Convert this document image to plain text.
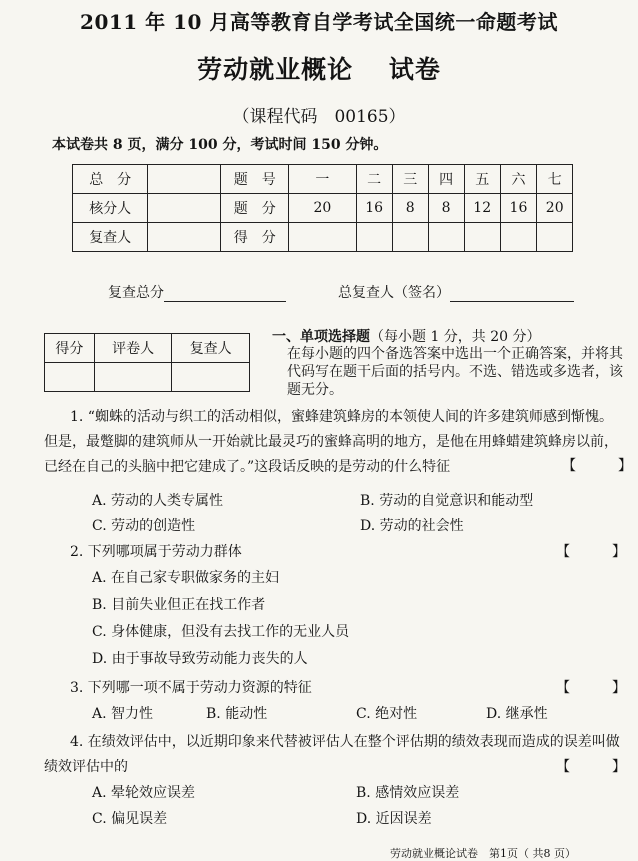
2011 年 10 月高等教育自学考试全国统一命题考试
劳动就业概论　 试卷
（课程代码　00165）
本试卷共 8 页，满分 100 分，考试时间 150 分钟。
总　分		题　号	一	二	三	四	五	六	七
核分人		题　分	20	16	8	8	12	16	20
复查人		得　分							
复查总分	总复查人（签名）
得分	评卷人	复查人

一、单项选择题（每小题 1 分，共 20 分）
在每小题的四个备选答案中选出一个正确答案，并将其代码写在题干后面的括号内。不选、错选或多选者，该题无分。
1. “蜘蛛的活动与织工的活动相似，蜜蜂建筑蜂房的本领使人间的许多建筑师感到惭愧。但是，最蹩脚的建筑师从一开始就比最灵巧的蜜蜂高明的地方，是他在用蜂蜡建筑蜂房以前，已经在自己的头脑中把它建成了。”这段话反映的是劳动的什么特征	【　　　】
A. 劳动的人类专属性	B. 劳动的自觉意识和能动型
C. 劳动的创造性	D. 劳动的社会性
2. 下列哪项属于劳动力群体	【　　　】
A. 在自己家专职做家务的主妇
B. 目前失业但正在找工作者
C. 身体健康，但没有去找工作的无业人员
D. 由于事故导致劳动能力丧失的人
3. 下列哪一项不属于劳动力资源的特征	【　　　】
A. 智力性	B. 能动性	C. 绝对性	D. 继承性
4. 在绩效评估中，以近期印象来代替被评估人在整个评估期的绩效表现而造成的误差叫做绩效评估中的	【　　　】
A. 晕轮效应误差	B. 感情效应误差
C. 偏见误差	D. 近因误差
劳动就业概论试卷　第1页（ 共8 页）
